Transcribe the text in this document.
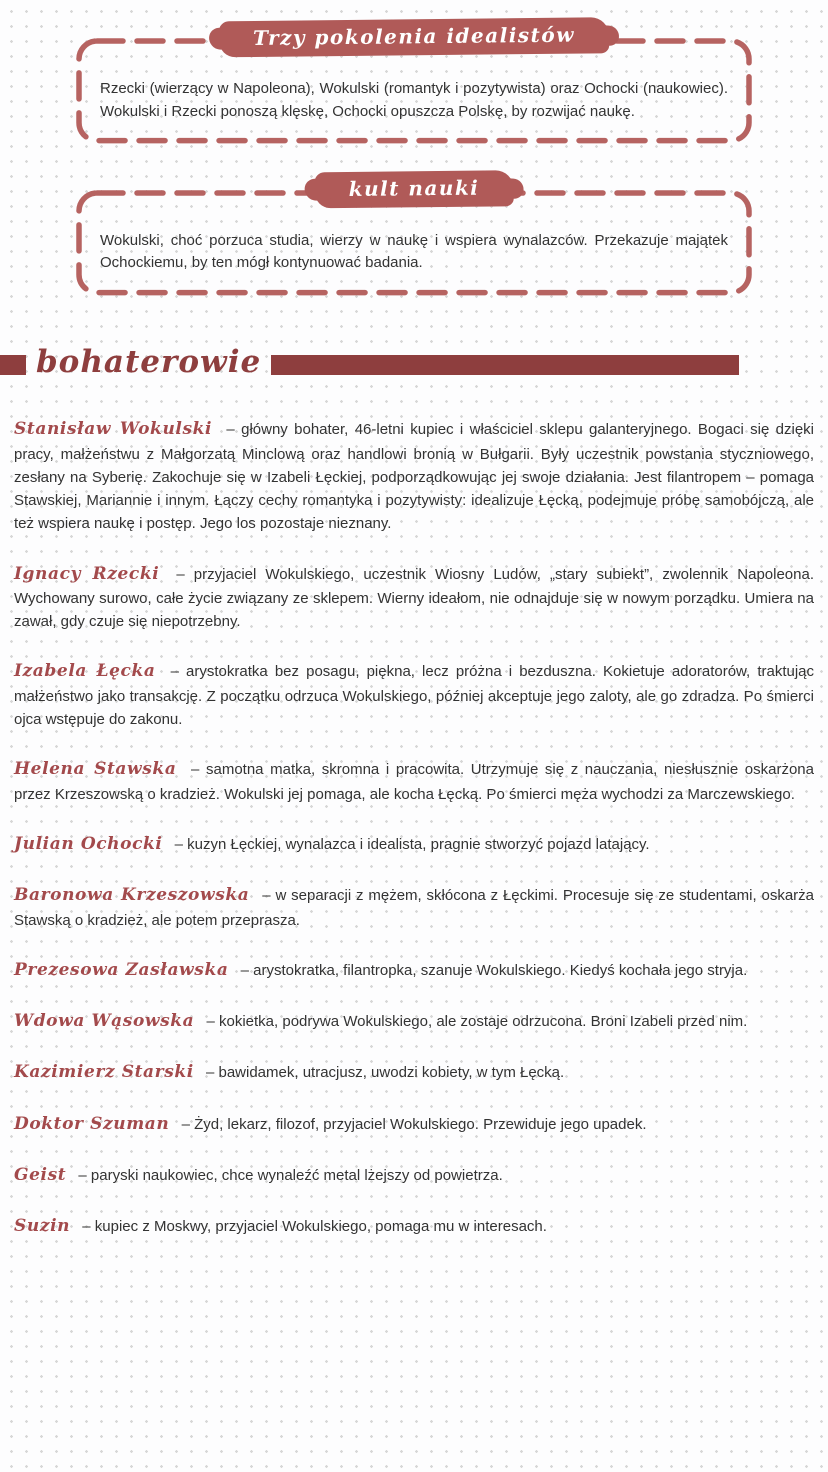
Trzy pokolenia idealistów

Rzecki (wierzący w Napoleona), Wokulski (romantyk i pozytywista) oraz Ochocki (naukowiec). Wokulski i Rzecki ponoszą klęskę, Ochocki opuszcza Polskę, by rozwijać naukę.

kult nauki

Wokulski, choć porzuca studia, wierzy w naukę i wspiera wynalazców. Przekazuje majątek Ochockiemu, by ten mógł kontynuować badania.

bohaterowie

Stanisław Wokulski – główny bohater, 46-letni kupiec i właściciel sklepu galanteryjnego. Bogaci się dzięki pracy, małżeństwu z Małgorzatą Minclową oraz handlowi bronią w Bułgarii. Były uczestnik powstania styczniowego, zesłany na Syberię. Zakochuje się w Izabeli Łęckiej, podporządkowując jej swoje działania. Jest filantropem – pomaga Stawskiej, Mariannie i innym. Łączy cechy romantyka i pozytywisty: idealizuje Łęcką, podejmuje próbę samobójczą, ale też wspiera naukę i postęp. Jego los pozostaje nieznany.

Ignacy Rzecki – przyjaciel Wokulskiego, uczestnik Wiosny Ludów, „stary subiekt”, zwolennik Napoleona. Wychowany surowo, całe życie związany ze sklepem. Wierny ideałom, nie odnajduje się w nowym porządku. Umiera na zawał, gdy czuje się niepotrzebny.

Izabela Łęcka – arystokratka bez posagu, piękna, lecz próżna i bezduszna. Kokietuje adoratorów, traktując małżeństwo jako transakcję. Z początku odrzuca Wokulskiego, później akceptuje jego zaloty, ale go zdradza. Po śmierci ojca wstępuje do zakonu.

Helena Stawska – samotna matka, skromna i pracowita. Utrzymuje się z nauczania, niesłusznie oskarżona przez Krzeszowską o kradzież. Wokulski jej pomaga, ale kocha Łęcką. Po śmierci męża wychodzi za Marczewskiego.

Julian Ochocki – kuzyn Łęckiej, wynalazca i idealista, pragnie stworzyć pojazd latający.

Baronowa Krzeszowska – w separacji z mężem, skłócona z Łęckimi. Procesuje się ze studentami, oskarża Stawską o kradzież, ale potem przeprasza.

Prezesowa Zasławska – arystokratka, filantropka, szanuje Wokulskiego. Kiedyś kochała jego stryja.

Wdowa Wąsowska – kokietka, podrywa Wokulskiego, ale zostaje odrzucona. Broni Izabeli przed nim.

Kazimierz Starski – bawidamek, utracjusz, uwodzi kobiety, w tym Łęcką.

Doktor Szuman – Żyd, lekarz, filozof, przyjaciel Wokulskiego. Przewiduje jego upadek.

Geist – paryski naukowiec, chce wynaleźć metal lżejszy od powietrza.

Suzin – kupiec z Moskwy, przyjaciel Wokulskiego, pomaga mu w interesach.
